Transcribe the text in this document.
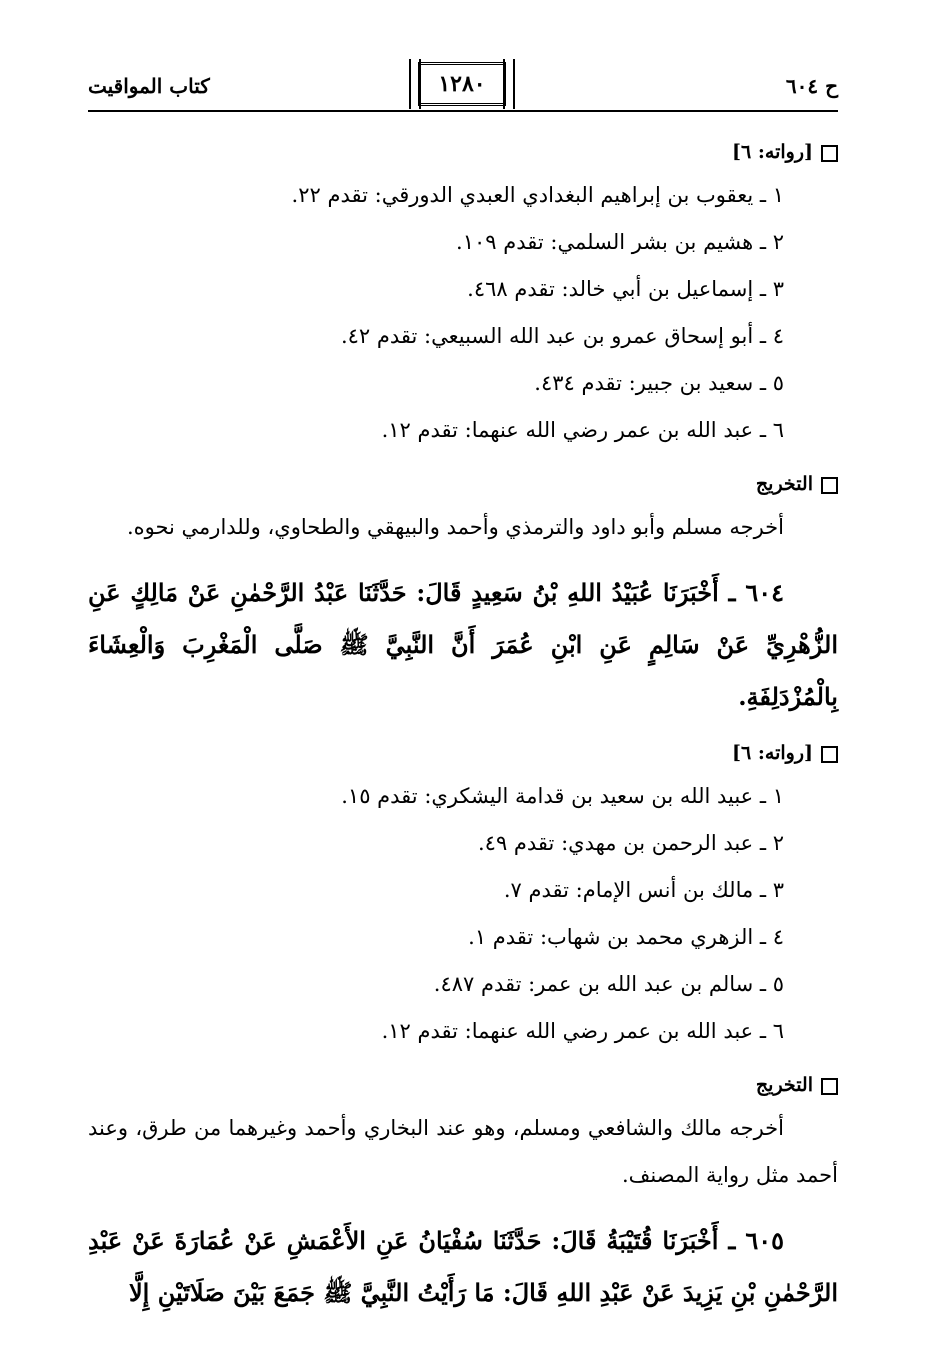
ح ٦٠٤
١٢٨٠
كتاب المواقيت
[رواته: ٦]
١ ـ يعقوب بن إبراهيم البغدادي العبدي الدورقي: تقدم ٢٢.
٢ ـ هشيم بن بشر السلمي: تقدم ١٠٩.
٣ ـ إسماعيل بن أبي خالد: تقدم ٤٦٨.
٤ ـ أبو إسحاق عمرو بن عبد الله السبيعي: تقدم ٤٢.
٥ ـ سعيد بن جبير: تقدم ٤٣٤.
٦ ـ عبد الله بن عمر رضي الله عنهما: تقدم ١٢.
التخريج
أخرجه مسلم وأبو داود والترمذي وأحمد والبيهقي والطحاوي، وللدارمي نحوه.
٦٠٤ ـ أَخْبَرَنَا عُبَيْدُ اللهِ بْنُ سَعِيدٍ قَالَ: حَدَّثَنَا عَبْدُ الرَّحْمٰنِ عَنْ مَالِكٍ عَنِ الزُّهْرِيِّ عَنْ سَالِمٍ عَنِ ابْنِ عُمَرَ أَنَّ النَّبِيَّ ﷺ صَلَّى الْمَغْرِبَ وَالْعِشَاءَ بِالْمُزْدَلِفَةِ.
[رواته: ٦]
١ ـ عبيد الله بن سعيد بن قدامة اليشكري: تقدم ١٥.
٢ ـ عبد الرحمن بن مهدي: تقدم ٤٩.
٣ ـ مالك بن أنس الإمام: تقدم ٧.
٤ ـ الزهري محمد بن شهاب: تقدم ١.
٥ ـ سالم بن عبد الله بن عمر: تقدم ٤٨٧.
٦ ـ عبد الله بن عمر رضي الله عنهما: تقدم ١٢.
التخريج
أخرجه مالك والشافعي ومسلم، وهو عند البخاري وأحمد وغيرهما من طرق، وعند أحمد مثل رواية المصنف.
٦٠٥ ـ أَخْبَرَنَا قُتَيْبَةُ قَالَ: حَدَّثَنَا سُفْيَانُ عَنِ الأَعْمَشِ عَنْ عُمَارَةَ عَنْ عَبْدِ الرَّحْمٰنِ بْنِ يَزِيدَ عَنْ عَبْدِ اللهِ قَالَ: مَا رَأَيْتُ النَّبِيَّ ﷺ جَمَعَ بَيْنَ صَلَاتَيْنِ إِلَّا
